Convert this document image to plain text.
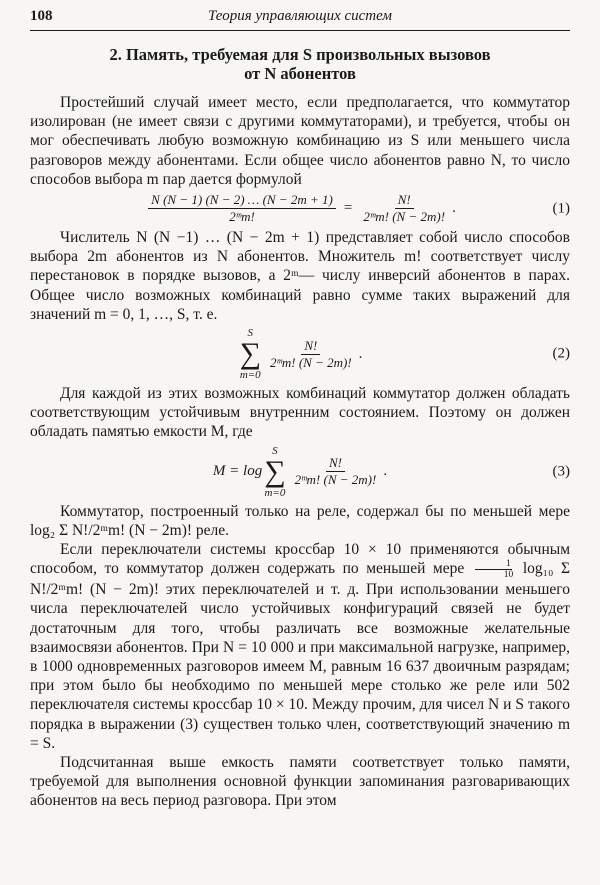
108	Теория управляющих систем
2. Память, требуемая для S произвольных вызовов
от N абонентов

Простейший случай имеет место, если предполагается, что коммутатор изолирован (не имеет связи с другими коммутаторами), и требуется, чтобы он мог обеспечивать любую возможную комбинацию из S или меньшего числа разговоров между абонентами. Если общее число абонентов равно N, то число способов выбора m пар дается формулой

$\frac{N (N - 1) (N - 2) \dots (N - 2m + 1)}{\text{2ᵐm!}} = \frac{N!}{\text{2ᵐm! (N − 2m)!}}$ .	(1)

Числитель N (N −1) … (N − 2m + 1) представляет собой число способов выбора 2m абонентов из N абонентов. Множитель m! соответствует числу перестановок в порядке вызовов, а 2ᵐ— числу инверсий абонентов в парах. Общее число возможных комбинаций равно сумме таких выражений для значений m = 0, 1, …, S, т. е.

S
∑
m=0
$\frac{N!}{\text{2ᵐm! (N − 2m)!}}$ .	(2)

Для каждой из этих возможных комбинаций коммутатор должен обладать соответствующим устойчивым внутренним состоянием. Поэтому он должен обладать памятью емкости M, где

M = log
S
∑
m=0
$\frac{N!}{\text{2ᵐm! (N − 2m)!}}$ .	(3)

Коммутатор, построенный только на реле, содержал бы по меньшей мере log₂ Σ N!/2ᵐm! (N − 2m)! реле.

Если переключатели системы кроссбар 10 × 10 применяются обычным способом, то коммутатор должен содержать по меньшей мере $\frac{1}{10} \log_{10}$ Σ N!/2ᵐm! (N − 2m)! этих переключателей и т. д. При использовании меньшего числа переключателей число устойчивых конфигураций связей не будет достаточным для того, чтобы различать все возможные желательные взаимосвязи абонентов. При N = 10 000 и при максимальной нагрузке, например, в 1000 одновременных разговоров имеем M, равным 16 637 двоичным разрядам; при этом было бы необходимо по меньшей мере столько же реле или 502 переключателя системы кроссбар 10 × 10. Между прочим, для чисел N и S такого порядка в выражении (3) существен только член, соответствующий значению m = S.

Подсчитанная выше емкость памяти соответствует только памяти, требуемой для выполнения основной функции запоминания разговаривающих абонентов на весь период разговора. При этом
